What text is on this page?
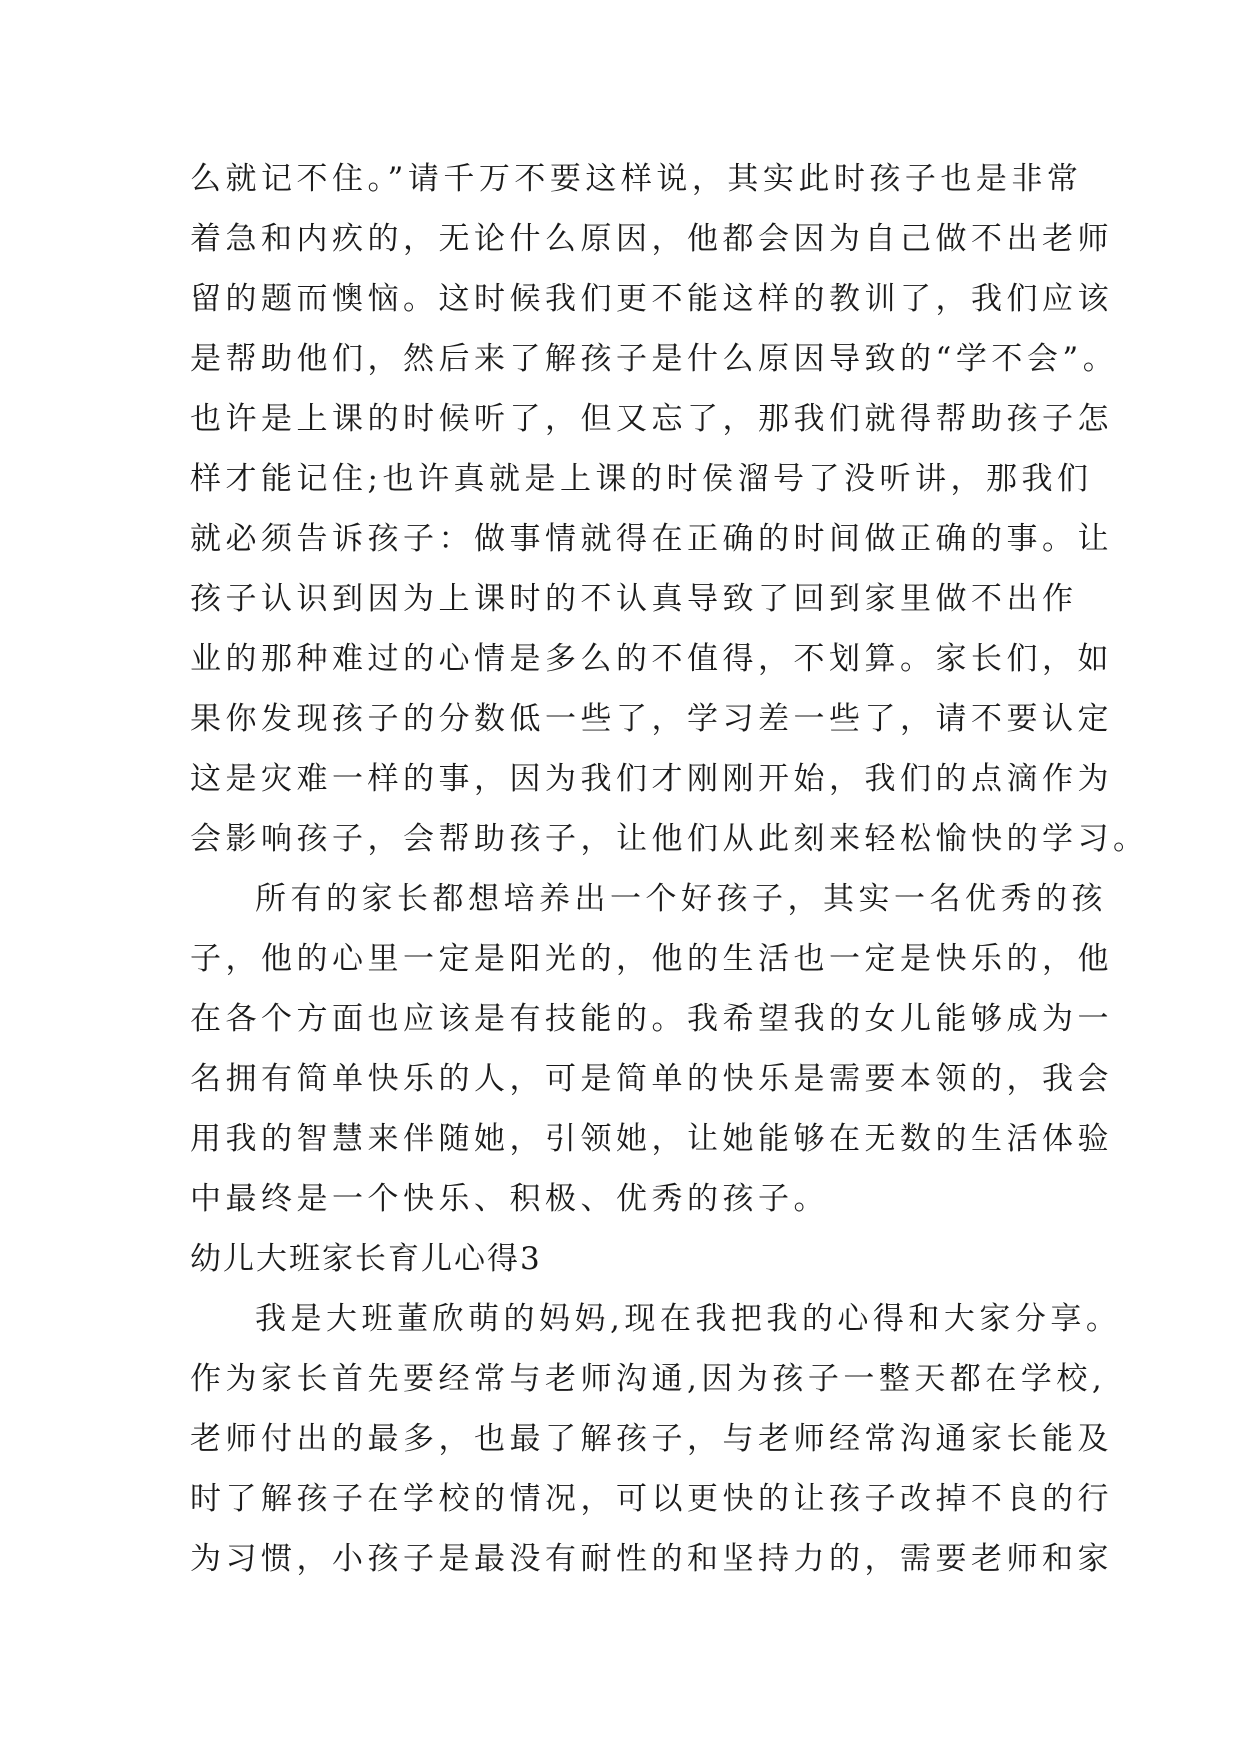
么就记不住。”请千万不要这样说，其实此时孩子也是非常
着急和内疚的，无论什么原因，他都会因为自己做不出老师
留的题而懊恼。这时候我们更不能这样的教训了，我们应该
是帮助他们，然后来了解孩子是什么原因导致的“学不会”。
也许是上课的时候听了，但又忘了，那我们就得帮助孩子怎
样才能记住;也许真就是上课的时侯溜号了没听讲，那我们
就必须告诉孩子：做事情就得在正确的时间做正确的事。让
孩子认识到因为上课时的不认真导致了回到家里做不出作
业的那种难过的心情是多么的不值得，不划算。家长们，如
果你发现孩子的分数低一些了，学习差一些了，请不要认定
这是灾难一样的事，因为我们才刚刚开始，我们的点滴作为
会影响孩子，会帮助孩子，让他们从此刻来轻松愉快的学习。
所有的家长都想培养出一个好孩子，其实一名优秀的孩
子，他的心里一定是阳光的，他的生活也一定是快乐的，他
在各个方面也应该是有技能的。我希望我的女儿能够成为一
名拥有简单快乐的人，可是简单的快乐是需要本领的，我会
用我的智慧来伴随她，引领她，让她能够在无数的生活体验
中最终是一个快乐、积极、优秀的孩子。
幼儿大班家长育儿心得3
我是大班董欣萌的妈妈,现在我把我的心得和大家分享。
作为家长首先要经常与老师沟通,因为孩子一整天都在学校,
老师付出的最多，也最了解孩子，与老师经常沟通家长能及
时了解孩子在学校的情况，可以更快的让孩子改掉不良的行
为习惯，小孩子是最没有耐性的和坚持力的，需要老师和家
